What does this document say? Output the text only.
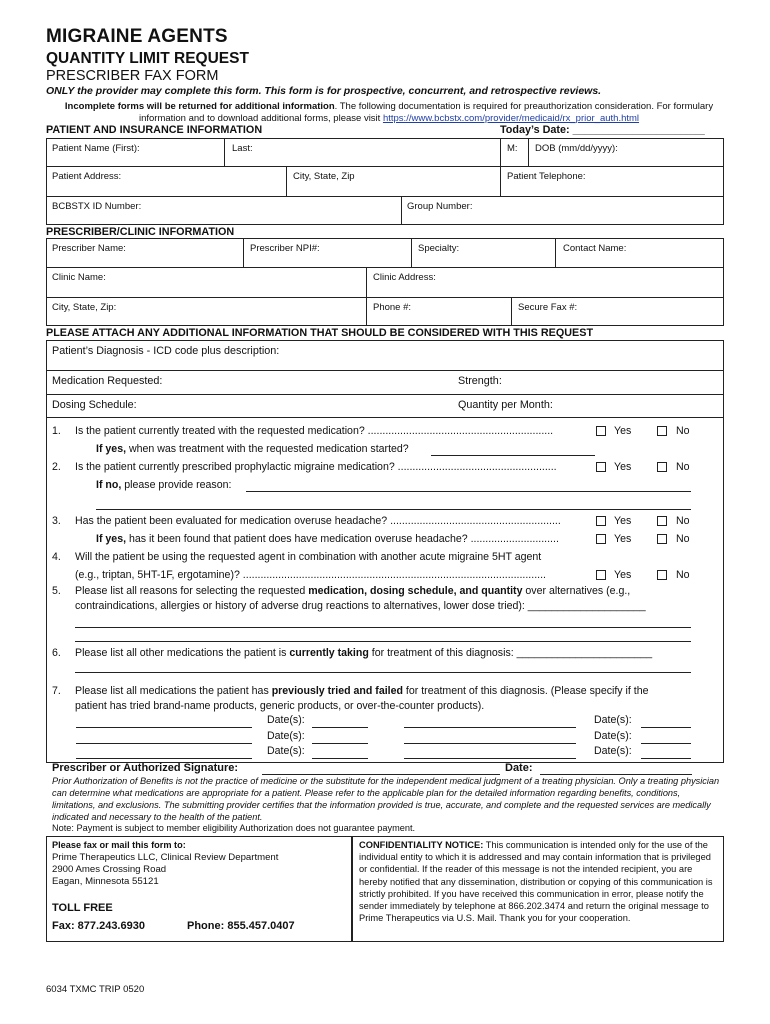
MIGRAINE AGENTS
QUANTITY LIMIT REQUEST
PRESCRIBER FAX FORM
ONLY the provider may complete this form. This form is for prospective, concurrent, and retrospective reviews.
Incomplete forms will be returned for additional information. The following documentation is required for preauthorization consideration. For formulary information and to download additional forms, please visit https://www.bcbstx.com/provider/medicaid/rx_prior_auth.html
PATIENT AND INSURANCE INFORMATION	Today’s Date: ______________________
Patient Name (First):	Last:	M: DOB (mm/dd/yyyy):
Patient Address:	City, State, Zip	Patient Telephone:
BCBSTX ID Number:	Group Number:
PRESCRIBER/CLINIC INFORMATION
Prescriber Name:	Prescriber NPI#:	Specialty:	Contact Name:
Clinic Name:	Clinic Address:
City, State, Zip:	Phone #:	Secure Fax #:
PLEASE ATTACH ANY ADDITIONAL INFORMATION THAT SHOULD BE CONSIDERED WITH THIS REQUEST
Patient’s Diagnosis - ICD code plus description:
Medication Requested:	Strength:
Dosing Schedule:	Quantity per Month:
1. Is the patient currently treated with the requested medication? ...............................................................	Yes	No
If yes, when was treatment with the requested medication started?
2. Is the patient currently prescribed prophylactic migraine medication? ......................................................	Yes	No
If no, please provide reason:
3. Has the patient been evaluated for medication overuse headache? ..........................................................	Yes	No
If yes, has it been found that patient does have medication overuse headache? ..............................	Yes	No
4. Will the patient be using the requested agent in combination with another acute migraine 5HT agent
(e.g., triptan, 5HT-1F, ergotamine)? .......................................................................................................	Yes	No
5. Please list all reasons for selecting the requested medication, dosing schedule, and quantity over alternatives (e.g.,
contraindications, allergies or history of adverse drug reactions to alternatives, lower dose tried): ____________________
6. Please list all other medications the patient is currently taking for treatment of this diagnosis: _______________________
7. Please list all medications the patient has previously tried and failed for treatment of this diagnosis. (Please specify if the
patient has tried brand-name products, generic products, or over-the-counter products).
Date(s):	Date(s):
Date(s):	Date(s):
Date(s):	Date(s):
Prescriber or Authorized Signature:	Date:
Prior Authorization of Benefits is not the practice of medicine or the substitute for the independent medical judgment of a treating physician. Only a treating physician can determine what medications are appropriate for a patient. Please refer to the applicable plan for the detailed information regarding benefits, conditions, limitations, and exclusions. The submitting provider certifies that the information provided is true, accurate, and complete and the requested services are medically indicated and necessary to the health of the patient.
Note: Payment is subject to member eligibility Authorization does not guarantee payment.
Please fax or mail this form to:
Prime Therapeutics LLC, Clinical Review Department
2900 Ames Crossing Road
Eagan, Minnesota 55121
TOLL FREE
Fax: 877.243.6930	Phone: 855.457.0407
CONFIDENTIALITY NOTICE: This communication is intended only for the use of the individual entity to which it is addressed and may contain information that is privileged or confidential. If the reader of this message is not the intended recipient, you are hereby notified that any dissemination, distribution or copying of this communication is strictly prohibited. If you have received this communication in error, please notify the sender immediately by telephone at 866.202.3474 and return the original message to Prime Therapeutics via U.S. Mail. Thank you for your cooperation.
6034 TXMC TRIP 0520
